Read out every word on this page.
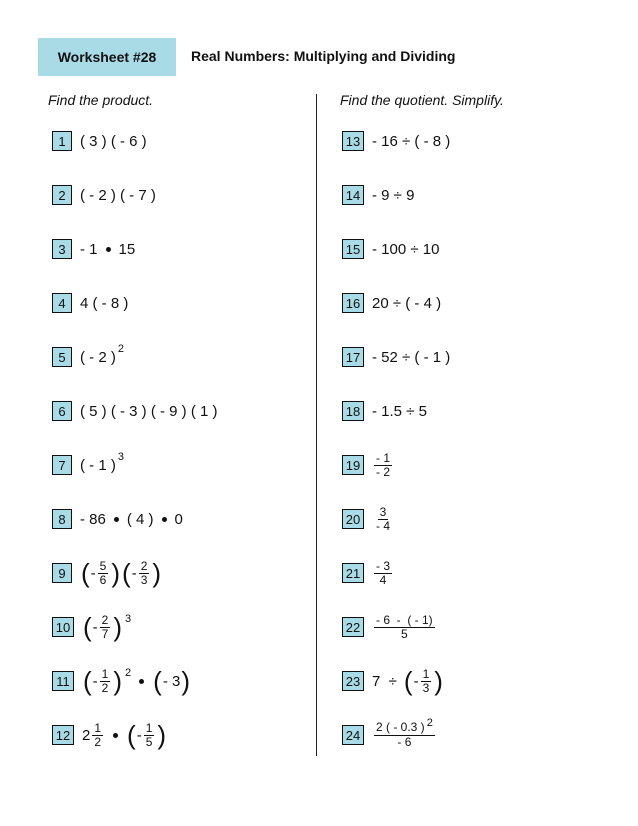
Worksheet #28 Real Numbers: Multiplying and Dividing
Find the product.	Find the quotient. Simplify.
1 ( 3 ) ( - 6 )
2 ( - 2 ) ( - 7 )
3 - 1 15
4 4 ( - 8 )
5 ( - 2 ) 2
6 ( 5 ) ( - 3 ) ( - 9 ) ( 1 )
7 ( - 1 ) 3
8 - 86 ( 4 ) 0
9 ( - $\frac{5}{6}$ ) ( - $\frac{2}{3}$ )
10 ( - $\frac{2}{7}$ ) 3
11 ( - $\frac{1}{2}$ ) 2 ( - 3 )
12 $2 \frac{1}{2}$ ( - $\frac{1}{5}$ )
13 - 16 ÷ ( - 8 )
14 - 9 ÷ 9
15 - 100 ÷ 10
16 20 ÷ ( - 4 )
17 - 52 ÷ ( - 1 )
18 - 1.5 ÷ 5
19	$\frac{- 1}{- 2}$
20	$\frac{3}{- 4}$
21	$\frac{- 3}{4}$
22	$\frac{- 6 - ( - 1)}{5}$
23 7  ÷ ( - $\frac{1}{3}$ )
24	$\frac{2 ( - 0.3 ) 2}{- 6}$
